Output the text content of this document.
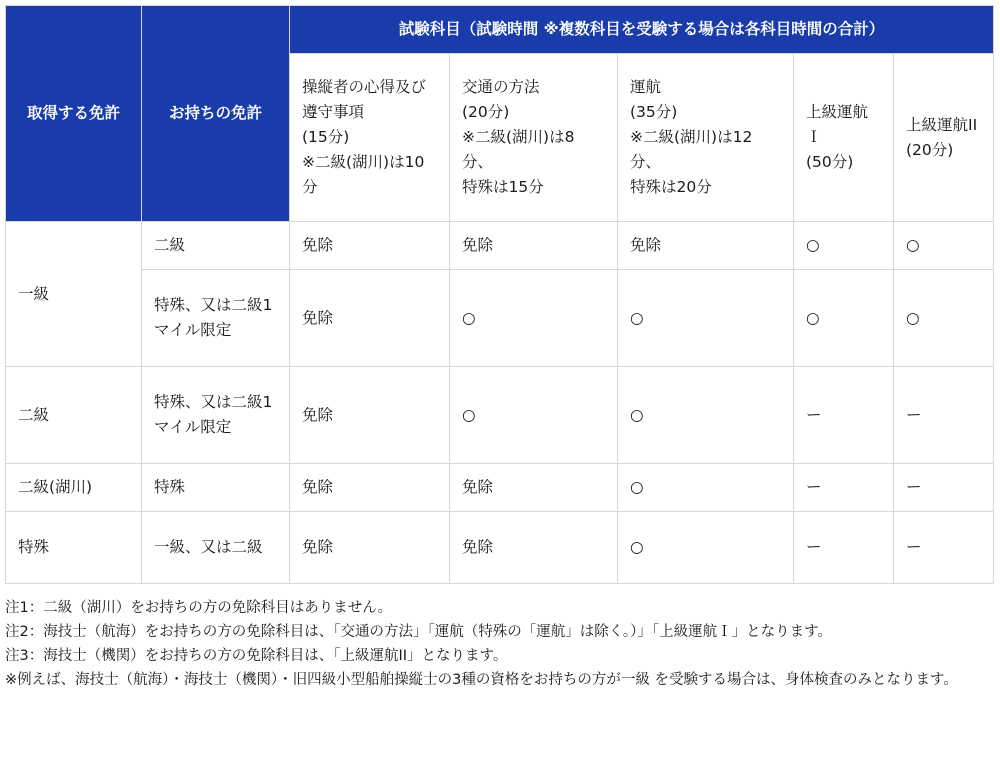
取得する免許	お持ちの免許	試験科目（試験時間 ※複数科目を受験する場合は各科目時間の合計）				
		操縦者の心得及び
遵守事項
(15分)
※二級(湖川)は10分	交通の方法
(20分)
※二級(湖川)は8分、
特殊は15分	運航
(35分)
※二級(湖川)は12分、
特殊は20分	上級運航Ｉ
(50分)	上級運航II
(20分)
一級	二級	免除	免除	免除	○	○
	特殊、又は二級1マイル限定	免除	○	○	○	○
二級	特殊、又は二級1マイル限定	免除	○	○	ー	ー
二級(湖川)	特殊	免除	免除	○	ー	ー
特殊	一級、又は二級	免除	免除	○	ー	ー

注1：二級（湖川）をお持ちの方の免除科目はありません。

注2：海技士（航海）をお持ちの方の免除科目は、「交通の方法」「運航（特殊の「運航」は除く。）」「上級運航Ｉ」となります。

注3：海技士（機関）をお持ちの方の免除科目は、「上級運航II」となります。

※例えば、海技士（航海）・海技士（機関）・旧四級小型船舶操縦士の3種の資格をお持ちの方が一級 を受験する場合は、身体検査のみとなります。
